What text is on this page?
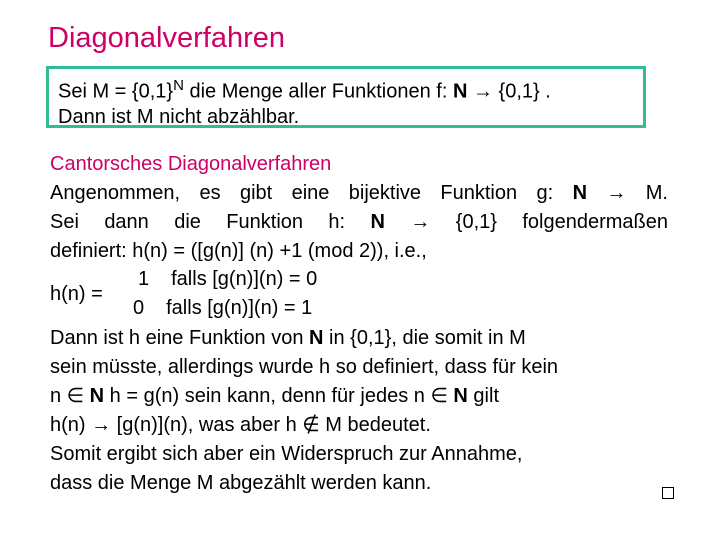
Diagonalverfahren
Sei $M = \{0,1\}^N$ die Menge aller Funktionen f: N → {0,1} .
Dann ist M nicht abzählbar.
Cantorsches Diagonalverfahren
Angenommen, es gibt eine bijektive Funktion g: N → M.
Sei dann die Funktion h: N → {0,1} folgendermaßen
definiert: h(n) = ([g(n)] (n) +1 (mod 2)), i.e.,
h(n) =
1 falls [g(n)](n) = 0
0 falls [g(n)](n) = 1
Dann ist h eine Funktion von N in {0,1}, die somit in M
sein müsste, allerdings wurde h so definiert, dass für kein
n ∈ N h = g(n) sein kann, denn für jedes n ∈ N gilt
h(n) → [g(n)](n), was aber h ∉ M bedeutet.
Somit ergibt sich aber ein Widerspruch zur Annahme,
dass die Menge M abgezählt werden kann.
